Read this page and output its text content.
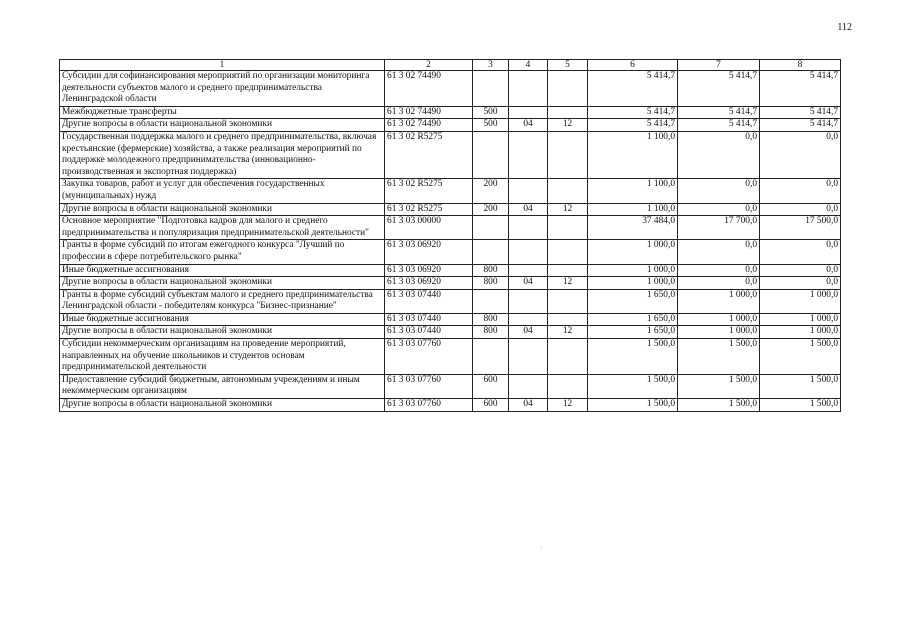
112
1	2	3	4	5	6	7	8
Субсидии для софинансирования мероприятий по организации мониторинга деятельности субъектов малого и среднего предпринимательства Ленинградской области	61 3 02 74490				5 414,7	5 414,7	5 414,7
Межбюджетные трансферты	61 3 02 74490	500			5 414,7	5 414,7	5 414,7
Другие вопросы в области национальной экономики	61 3 02 74490	500	04	12	5 414,7	5 414,7	5 414,7
Государственная поддержка малого и среднего предпринимательства, включая крестьянские (фермерские) хозяйства, а также реализация мероприятий по поддержке молодежного предпринимательства (инновационно-производственная и экспортная поддержка)	61 3 02 R5275				1 100,0	0,0	0,0
Закупка товаров, работ и услуг для обеспечения государственных (муниципальных) нужд	61 3 02 R5275	200			1 100,0	0,0	0,0
Другие вопросы в области национальной экономики	61 3 02 R5275	200	04	12	1 100,0	0,0	0,0
Основное мероприятие "Подготовка кадров для малого и среднего предпринимательства и популяризация предпринимательской деятельности"	61 3 03 00000				37 484,0	17 700,0	17 500,0
Гранты в форме субсидий по итогам ежегодного конкурса "Лучший по профессии в сфере потребительского рынка"	61 3 03 06920				1 000,0	0,0	0,0
Иные бюджетные ассигнования	61 3 03 06920	800			1 000,0	0,0	0,0
Другие вопросы в области национальной экономики	61 3 03 06920	800	04	12	1 000,0	0,0	0,0
Гранты в форме субсидий субъектам малого и среднего предпринимательства Ленинградской области - победителям конкурса "Бизнес-признание"	61 3 03 07440				1 650,0	1 000,0	1 000,0
Иные бюджетные ассигнования	61 3 03 07440	800			1 650,0	1 000,0	1 000,0
Другие вопросы в области национальной экономики	61 3 03 07440	800	04	12	1 650,0	1 000,0	1 000,0
Субсидии некоммерческим организациям на проведение мероприятий, направленных на обучение школьников и студентов основам предпринимательской деятельности	61 3 03 07760				1 500,0	1 500,0	1 500,0
Предоставление субсидий бюджетным, автономным учреждениям и иным некоммерческим организациям	61 3 03 07760	600			1 500,0	1 500,0	1 500,0
Другие вопросы в области национальной экономики	61 3 03 07760	600	04	12	1 500,0	1 500,0	1 500,0
·
